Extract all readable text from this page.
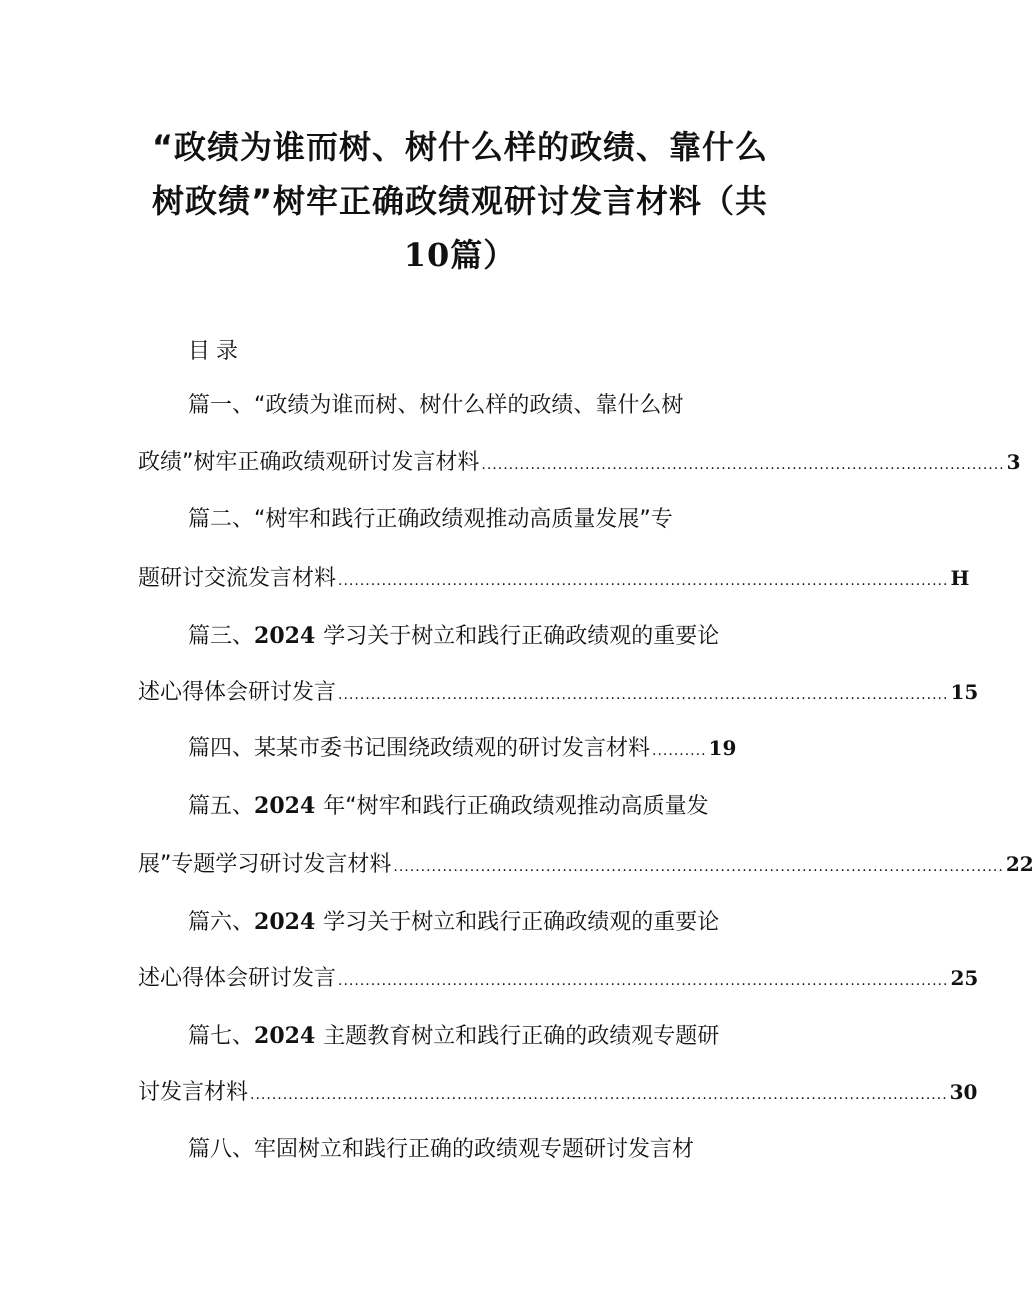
“政绩为谁而树、树什么样的政绩、靠什么
树政绩”树牢正确政绩观研讨发言材料（共
10篇）
目录
篇一、“政绩为谁而树、树什么样的政绩、靠什么树
政绩”树牢正确政绩观研讨发言材料 ................................................................................................ 3
篇二、“树牢和践行正确政绩观推动高质量发展”专
题研讨交流发言材料 ................................................................................................................ H
篇三、 2024 学习关于树立和践行正确政绩观的重要论
述心得体会研讨发言 ................................................................................................................ 15
篇四、某某市委书记围绕政绩观的研讨发言材料 .......... 19
篇五、 2024 年“树牢和践行正确政绩观推动高质量发
展”专题学习研讨发言材料 ................................................................................................................ 22
篇六、 2024 学习关于树立和践行正确政绩观的重要论
述心得体会研讨发言 ................................................................................................................ 25
篇七、 2024 主题教育树立和践行正确的政绩观专题研
讨发言材料 ................................................................................................................................ 30
篇八、牢固树立和践行正确的政绩观专题研讨发言材
